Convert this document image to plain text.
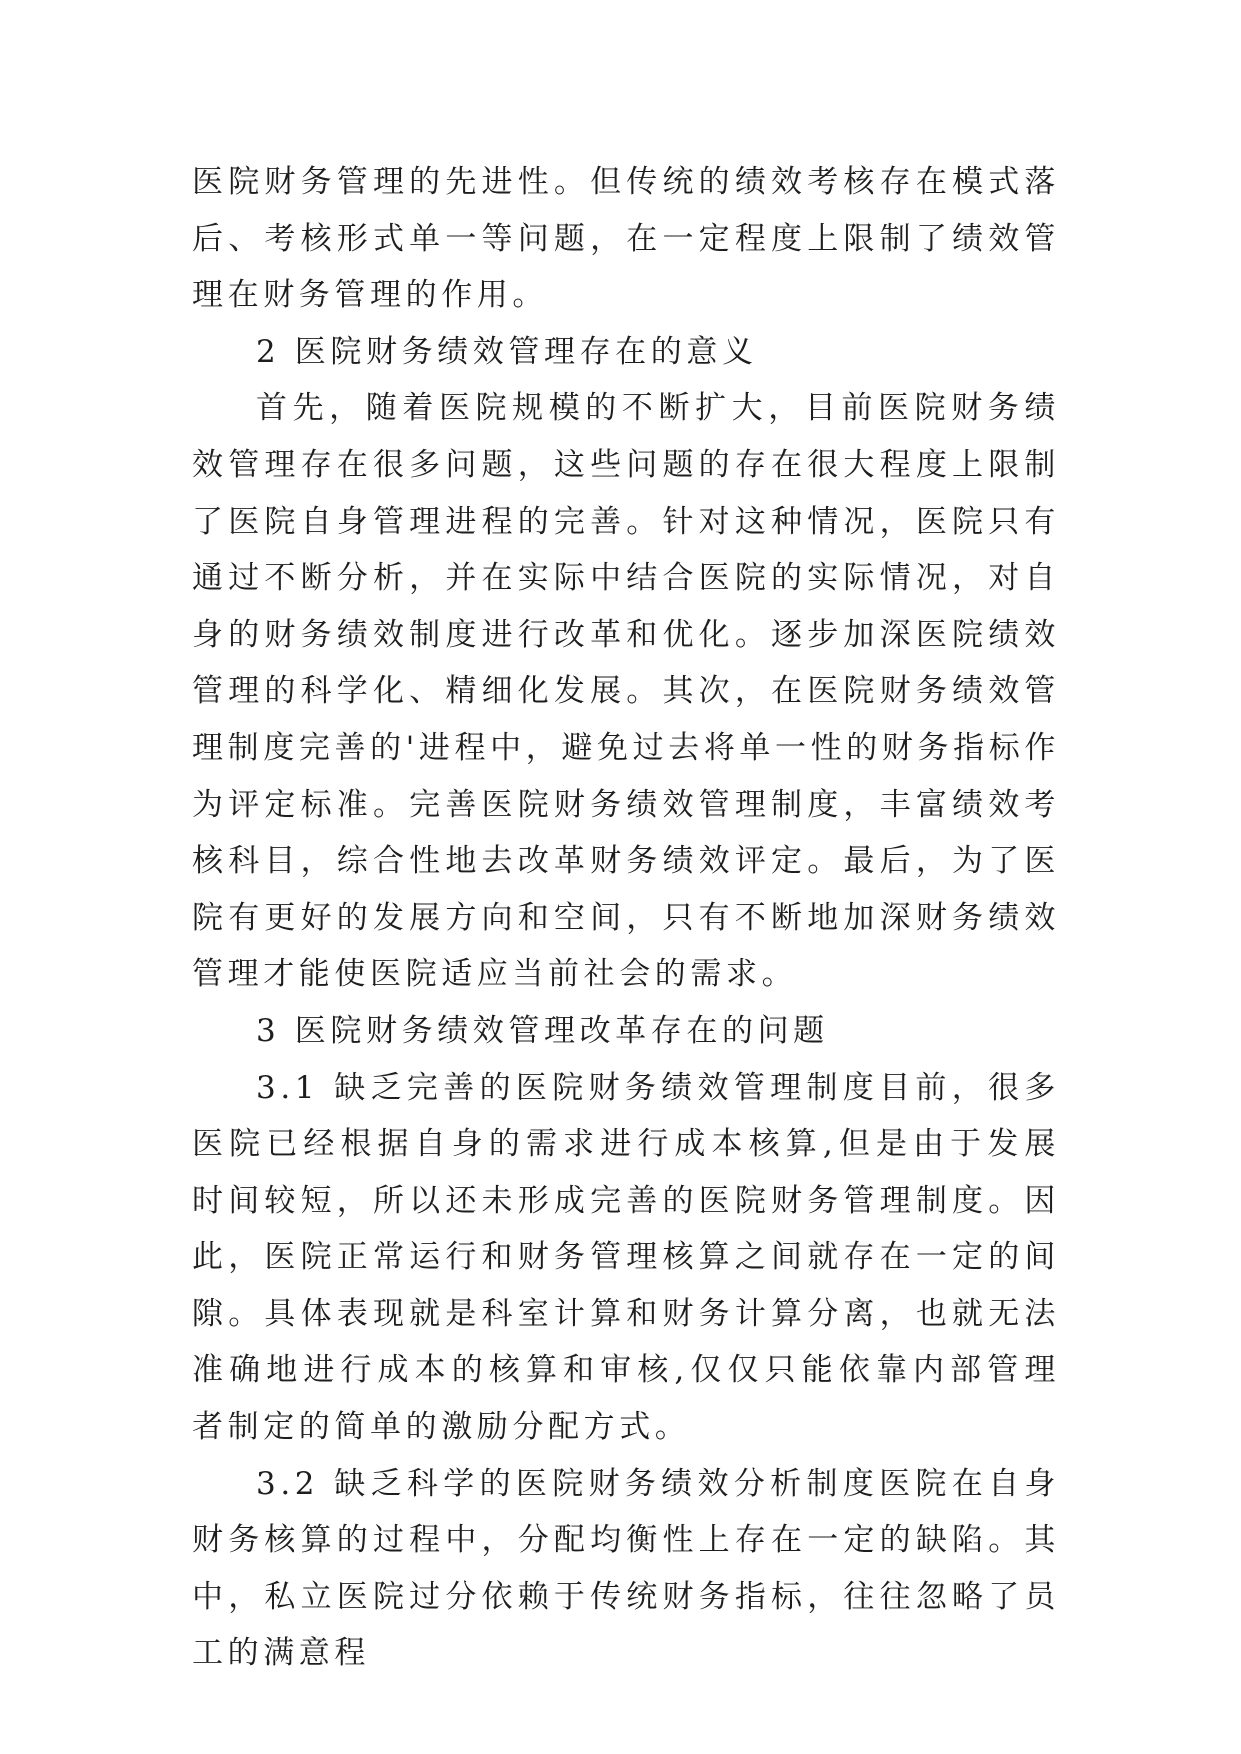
医院财务管理的先进性。但传统的绩效考核存在模式落后、考核形式单一等问题，在一定程度上限制了绩效管理在财务管理的作用。

2 医院财务绩效管理存在的意义

首先，随着医院规模的不断扩大，目前医院财务绩效管理存在很多问题，这些问题的存在很大程度上限制了医院自身管理进程的完善。针对这种情况，医院只有通过不断分析，并在实际中结合医院的实际情况，对自身的财务绩效制度进行改革和优化。逐步加深医院绩效管理的科学化、精细化发展。其次，在医院财务绩效管理制度完善的'进程中，避免过去将单一性的财务指标作为评定标准。完善医院财务绩效管理制度，丰富绩效考核科目，综合性地去改革财务绩效评定。最后，为了医院有更好的发展方向和空间，只有不断地加深财务绩效管理才能使医院适应当前社会的需求。

3 医院财务绩效管理改革存在的问题

3.1 缺乏完善的医院财务绩效管理制度目前，很多医院已经根据自身的需求进行成本核算,但是由于发展时间较短，所以还未形成完善的医院财务管理制度。因此，医院正常运行和财务管理核算之间就存在一定的间隙。具体表现就是科室计算和财务计算分离，也就无法准确地进行成本的核算和审核,仅仅只能依靠内部管理者制定的简单的激励分配方式。

3.2 缺乏科学的医院财务绩效分析制度医院在自身财务核算的过程中，分配均衡性上存在一定的缺陷。其中，私立医院过分依赖于传统财务指标，往往忽略了员工的满意程
